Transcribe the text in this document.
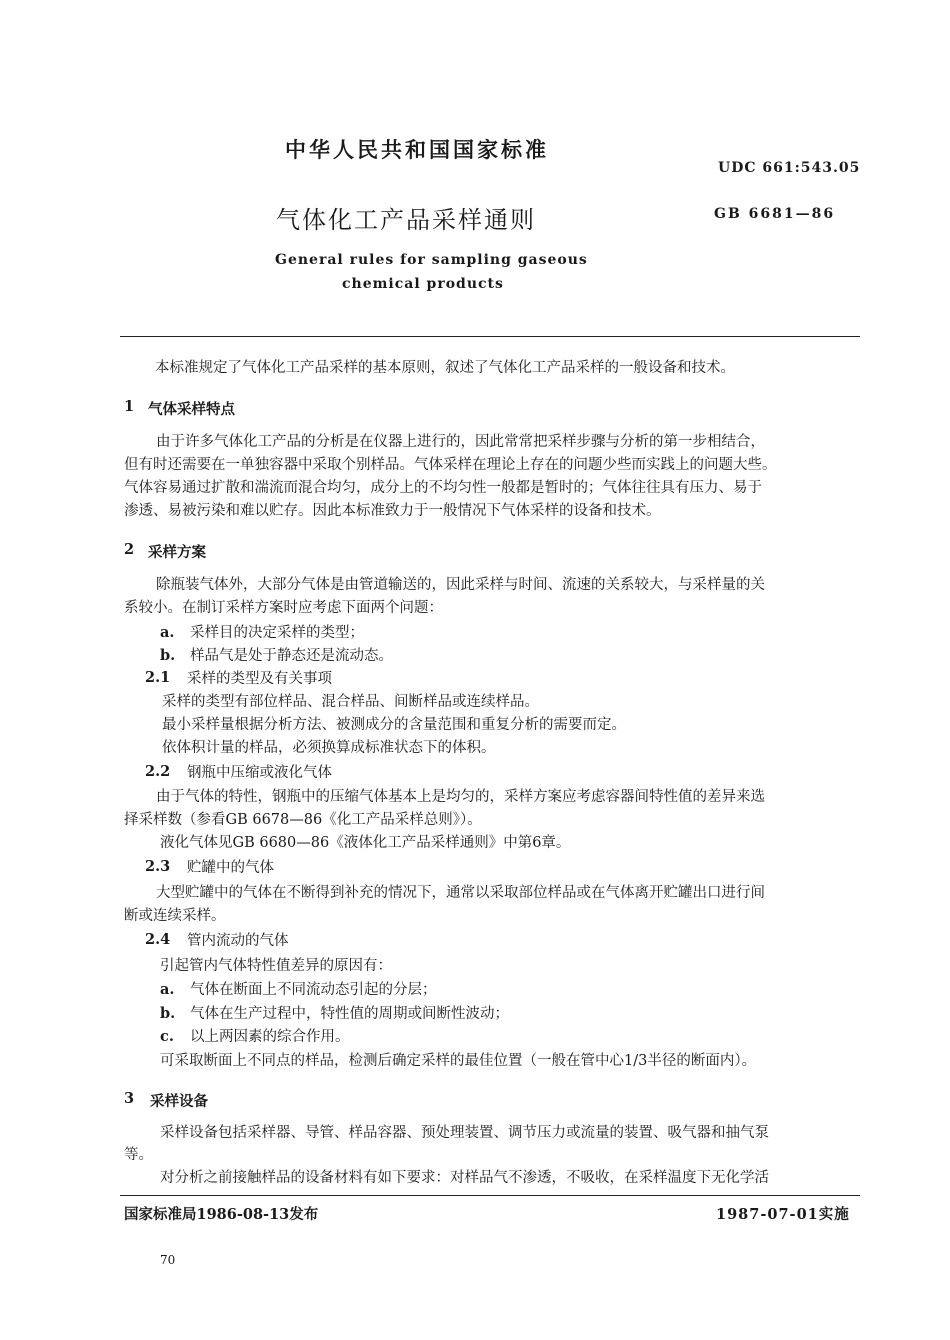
中华人民共和国国家标准
UDC 661:543.05
气体化工产品采样通则	GB 6681—86
General rules for sampling gaseous
chemical products
本标准规定了气体化工产品采样的基本原则，叙述了气体化工产品采样的一般设备和技术。
1 气体采样特点
由于许多气体化工产品的分析是在仪器上进行的，因此常常把采样步骤与分析的第一步相结合，
但有时还需要在一单独容器中采取个别样品。气体采样在理论上存在的问题少些而实践上的问题大些。
气体容易通过扩散和湍流而混合均匀，成分上的不均匀性一般都是暂时的；气体往往具有压力、易于
渗透、易被污染和难以贮存。因此本标准致力于一般情况下气体采样的设备和技术。
2 采样方案
除瓶装气体外，大部分气体是由管道输送的，因此采样与时间、流速的关系较大，与采样量的关
系较小。在制订采样方案时应考虑下面两个问题：
a. 采样目的决定采样的类型；
b. 样品气是处于静态还是流动态。
2.1 采样的类型及有关事项
采样的类型有部位样品、混合样品、间断样品或连续样品。
最小采样量根据分析方法、被测成分的含量范围和重复分析的需要而定。
依体积计量的样品，必须换算成标准状态下的体积。
2.2 钢瓶中压缩或液化气体
由于气体的特性，钢瓶中的压缩气体基本上是均匀的，采样方案应考虑容器间特性值的差异来选
择采样数（参看GB 6678—86《化工产品采样总则》）。
液化气体见GB 6680—86《液体化工产品采样通则》中第6章。
2.3 贮罐中的气体
大型贮罐中的气体在不断得到补充的情况下，通常以采取部位样品或在气体离开贮罐出口进行间
断或连续采样。
2.4 管内流动的气体
引起管内气体特性值差异的原因有：
a. 气体在断面上不同流动态引起的分层；
b. 气体在生产过程中，特性值的周期或间断性波动；
c. 以上两因素的综合作用。
可采取断面上不同点的样品，检测后确定采样的最佳位置（一般在管中心1/3半径的断面内）。
3 采样设备
采样设备包括采样器、导管、样品容器、预处理装置、调节压力或流量的装置、吸气器和抽气泵
等。
对分析之前接触样品的设备材料有如下要求：对样品气不渗透，不吸收，在采样温度下无化学活
国家标准局1986-08-13发布	1987-07-01实施
70
